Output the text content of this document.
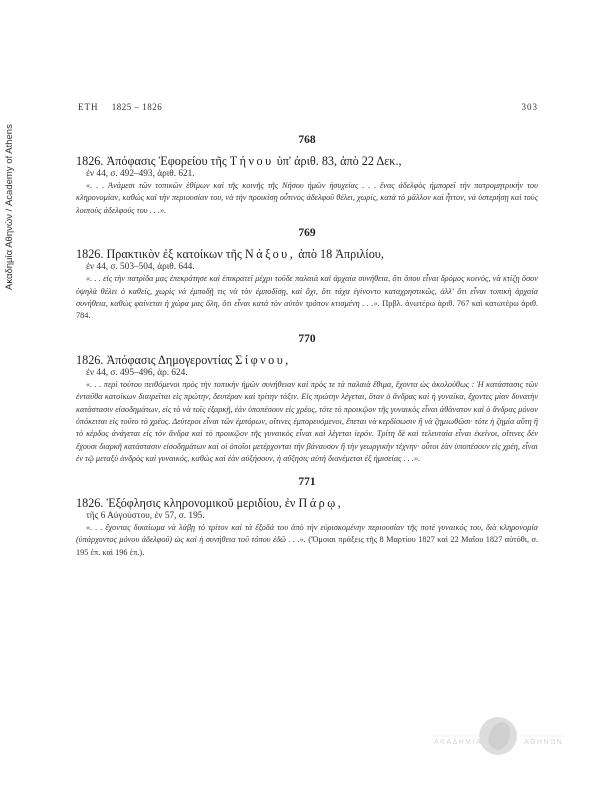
Ακαδημία Αθηνών / Academy of Athens
ΕΤΗ 1825 – 1826	303
768
1826. Ἀπόφασις Ἐφορείου τῆς Τήνου ὑπ' ἀριθ. 83, ἀπὸ 22 Δεκ.,
ἐν 44, σ. 492–493, ἀριθ. 621.
«. . . Ἀνάμεσι τῶν τοπικῶν ἐθίμων καὶ τῆς κοινῆς τῆς Νήσου ἡμῶν ἡσυχείας . . . ἕνας ἀδελφὸς ἠμπορεῖ τὴν πατρομητρικήν του κληρονομίαν, καθὼς καὶ τὴν περιουσίαν του, νὰ τὴν προικίσῃ οὗτινος ἀδελφοῦ θέλει, χωρίς, κατὰ τὸ μᾶλλον καὶ ἧττον, νὰ ὑστερήσῃ καὶ τοὺς λοιποὺς ἀδελφούς του . . .».
769
1826. Πρακτικὸν ἐξ κατοίκων τῆς Νάξου, ἀπὸ 18 Ἀπριλίου,
ἐν 44, σ. 503–504, ἀριθ. 644.
«. . . εἰς τὴν πατρίδα μας ἐπεκράτησε καὶ ἐπικρατεῖ μέχρι τοῦδε παλαιὰ καὶ ἀρχαία συνήθεια, ὅτι ὅπου εἶναι δρόμος κοινός, νὰ κτίζῃ ὅσον ὑψηλὰ θέλει ὁ καθείς, χωρὶς νὰ ἐμποδῇ τις νὰ τὸν ἐμποδίσῃ, καὶ ὄχι, ὅτι τάχα ἐγίνοντο καταχρηστικῶς, ἀλλ' ὅτι εἶναι τοπικὴ ἀρχαία συνήθεια, καθὼς φαίνεται ἡ χώρα μας ὅλη, ὅτι εἶναι κατὰ τὸν αὐτὸν τρόπον κτισμένη . . .». Πρβλ. ἀνωτέρω ἀριθ. 767 καὶ κατωτέρω ἀριθ. 784.
770
1826. Ἀπόφασις Δημογεροντίας Σίφνου,
ἐν 44, σ. 495–496, ἀρ. 624.
«. . . περὶ τούτου πειθόμενοι πρὸς τὴν τοπικὴν ἡμῶν συνήθειαν καὶ πρὸς τε τὰ παλαιὰ ἔθιμα, ἔχοντα ὡς ἀκολούθως : Ἡ κατάστασις τῶν ἐνταῦθα κατοίκων διαιρεῖται εἰς πρώτην, δευτέραν καὶ τρίτην τάξιν. Εἰς πρώτην λέγεται, ὅταν ὁ ἄνδρας καὶ ἡ γυναῖκα, ἔχοντες μίαν δυνατὴν κατάστασιν εἰσοδημάτων, εἰς τὸ νὰ τοῖς ἐξαρκῇ, ἐὰν ὑποπέσουν εἰς χρέος, τότε τὸ προικῷον τῆς γυναικὸς εἶναι ἀθάνατον καὶ ὁ ἄνδρας μόνον ὑπόκειται εἰς τοῦτο τὸ χρέος. Δεύτεροι εἶναι τῶν ἐμπόρων, οἵτινες ἐμπορευόμενοι, ἔπεται νὰ κερδίσωσιν ἢ νὰ ζημιωθῶσι· τότε ἡ ζημία αὕτη ἢ τὸ κέρδος ἀνάγεται εἰς τὸν ἄνδρα καὶ τὸ προικῷον τῆς γυναικὸς εἶναι καὶ λέγεται ἱερόν. Τρίτη δὲ καὶ τελευταία εἶναι ἐκείνοι, οἵτινες δὲν ἔχουσι διαρκῆ κατάστασιν εἰσοδημάτων καὶ οἱ ὁποῖοι μετέρχονται τὴν βάναυσον ἢ τὴν γεωργικὴν τέχνην· οὗτοι ἐὰν ὑποπέσουν εἰς χρέη, εἶναι ἐν τῷ μεταξὺ ἀνδρὸς καὶ γυναικός, καθὼς καὶ ἐὰν αὐξήσουν, ἡ αὔξησις αὐτὴ διανέμεται ἐξ ἡμισείας . . .».
771
1826. Ἐξόφλησις κληρονομικοῦ μεριδίου, ἐν Πάρῳ,
τῆς 6 Αὐγούστου, ἐν 57, σ. 195.
«. . . ἔχοντας δικαίωμα νὰ λάβῃ τὸ τρίτον καὶ τὰ ἔξοδά του ἀπὸ τὴν εὑρισκομένην περιουσίαν τῆς ποτὲ γυναικός του, διὰ κληρονομία (ὑπάρχοντος μόνου ἀδελφοῦ) ὡς καὶ ἡ συνήθεια τοῦ τόπου ἐδῶ . . .». (Ὅμοιαι πράξεις τῆς 8 Μαρτίου 1827 καὶ 22 Μαΐου 1827 αὐτόθι, σ. 195 ἐπ. καὶ 196 ἐπ.).
ΑΚΑΔΗΜΙΑ	ΑΘΗΝΩΝ
